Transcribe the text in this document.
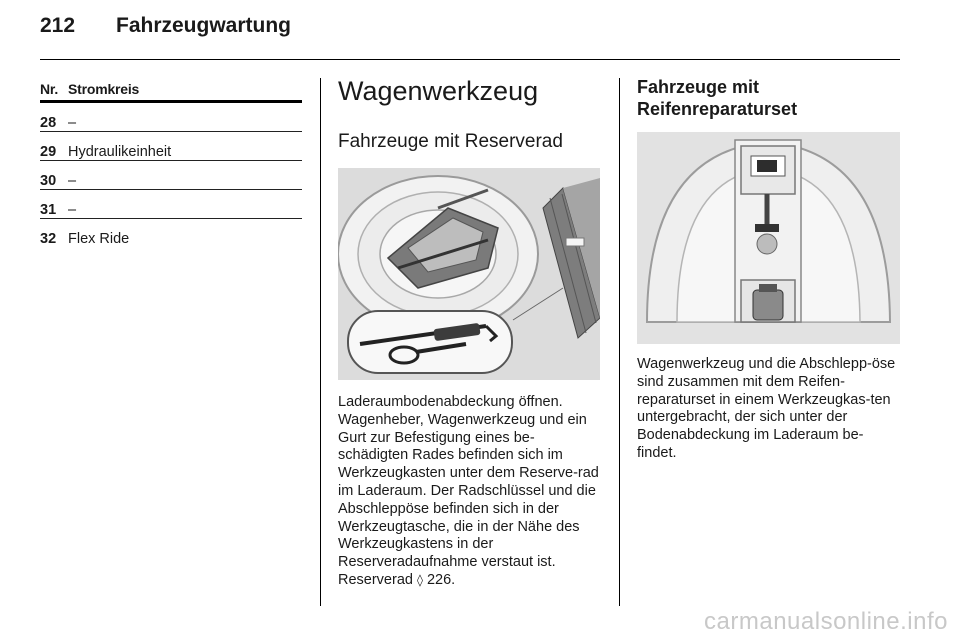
212 Fahrzeugwartung
Nr. Stromkreis
28 –
29 Hydraulikeinheit
30 –
31 –
32 Flex Ride
Wagenwerkzeug
Fahrzeuge mit Reserverad

Laderaumbodenabdeckung öffnen. Wagenheber, Wagenwerkzeug und ein Gurt zur Befestigung eines be-schädigten Rades befinden sich im Werkzeugkasten unter dem Reserve-rad im Laderaum. Der Radschlüssel und die Abschleppöse befinden sich in der Werkzeugtasche, die in der Nähe des Werkzeugkastens in der Reserveradaufnahme verstaut ist.
Reserverad ◊ 226.

Fahrzeuge mit Reifenreparaturset

Wagenwerkzeug und die Abschlepp-öse sind zusammen mit dem Reifen-reparaturset in einem Werkzeugkas-ten untergebracht, der sich unter der Bodenabdeckung im Laderaum be-findet.

carmanualsonline.info
